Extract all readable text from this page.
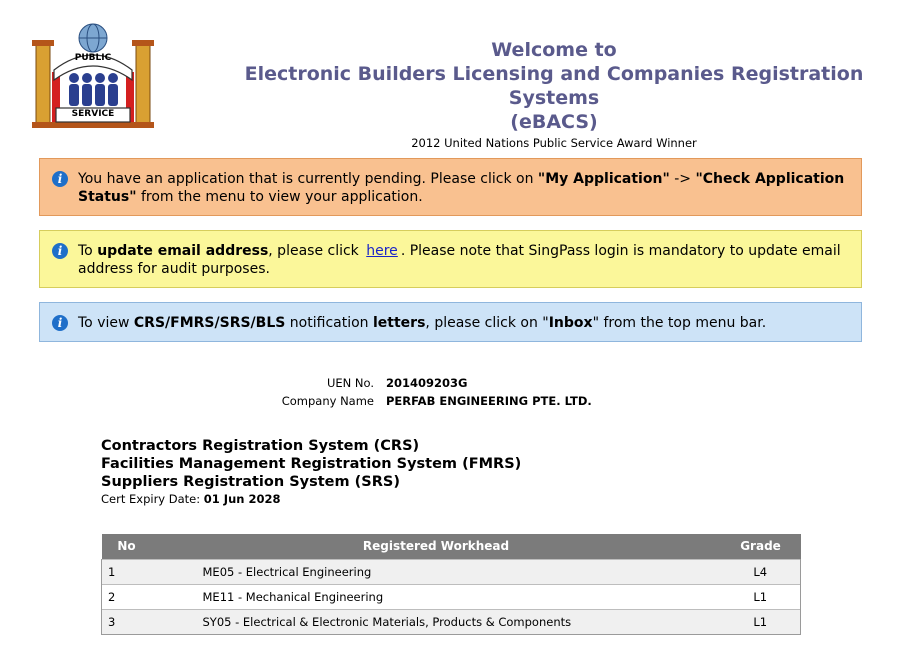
PUBLIC
SERVICE
Welcome to
Electronic Builders Licensing and Companies Registration Systems
(eBACS)
2012 United Nations Public Service Award Winner
i	You have an application that is currently pending. Please click on "My Application" -> "Check Application Status" from the menu to view your application.
i	To update email address, please click here . Please note that SingPass login is mandatory to update email address for audit purposes.
i	To view CRS/FMRS/SRS/BLS notification letters, please click on "Inbox" from the top menu bar.
UEN No.	201409203G
Company Name	PERFAB ENGINEERING PTE. LTD.
Contractors Registration System (CRS)
Facilities Management Registration System (FMRS)
Suppliers Registration System (SRS)
Cert Expiry Date: 01 Jun 2028
No	Registered Workhead	Grade
1	ME05 - Electrical Engineering	L4
2	ME11 - Mechanical Engineering	L1
3	SY05 - Electrical & Electronic Materials, Products & Components	L1
